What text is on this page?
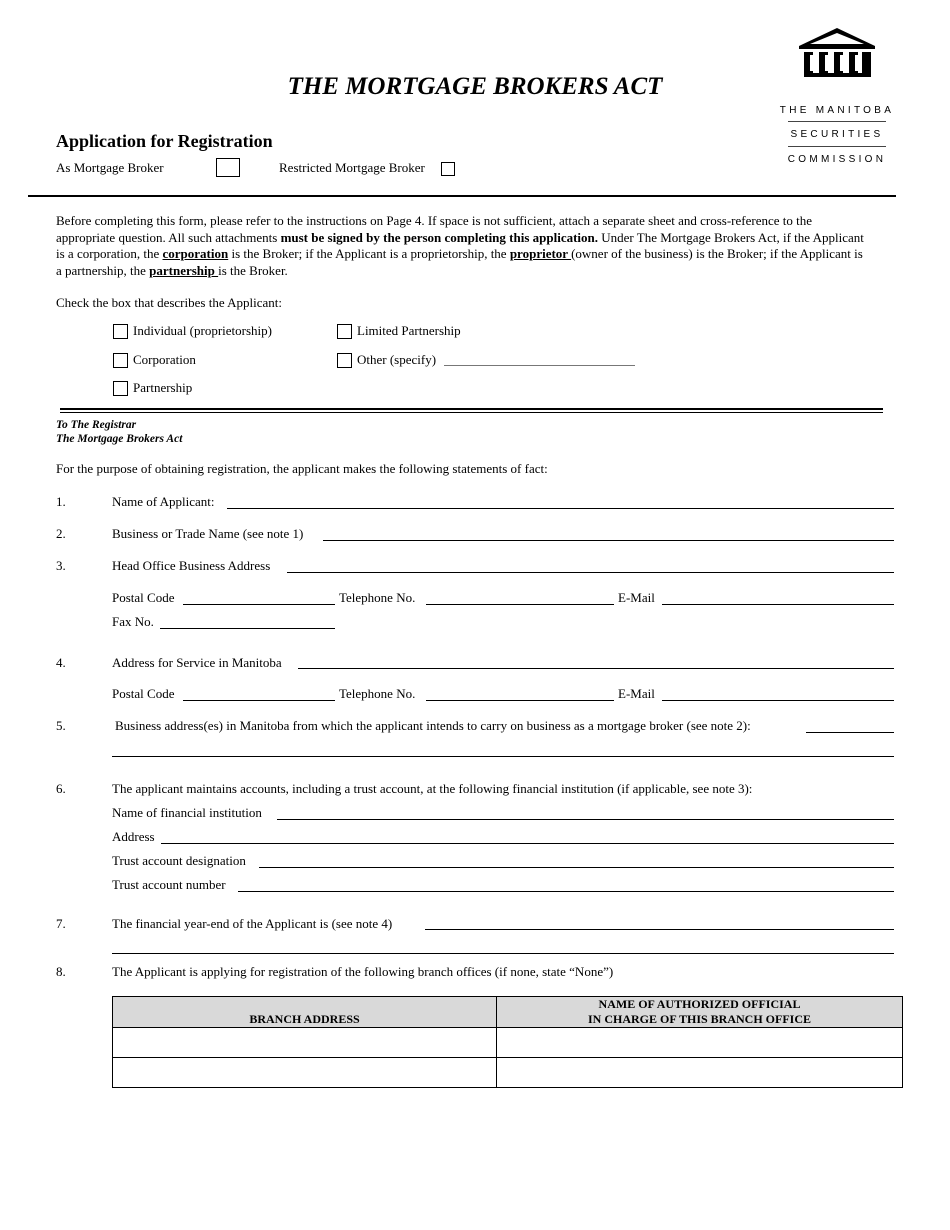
THE MANITOBA
SECURITIES
COMMISSION
THE MORTGAGE BROKERS ACT
Application for Registration
As Mortgage Broker	Restricted Mortgage Broker

Before completing this form, please refer to the instructions on Page 4. If space is not sufficient, attach a separate sheet and cross-reference to the appropriate question. All such attachments must be signed by the person completing this application. Under The Mortgage Brokers Act, if the Applicant is a corporation, the corporation is the Broker; if the Applicant is a proprietorship, the proprietor (owner of the business) is the Broker; if the Applicant is a partnership, the partnership is the Broker.

Check the box that describes the Applicant:
Individual (proprietorship)	Limited Partnership
Corporation	Other (specify)
Partnership
To The Registrar
The Mortgage Brokers Act
For the purpose of obtaining registration, the applicant makes the following statements of fact:
1.	Name of Applicant:
2.	Business or Trade Name (see note 1)
3.	Head Office Business Address
Postal Code	Telephone No.	E-Mail
Fax No.
4.	Address for Service in Manitoba
Postal Code	Telephone No.	E-Mail
5.	Business address(es) in Manitoba from which the applicant intends to carry on business as a mortgage broker (see note 2):
6.	The applicant maintains accounts, including a trust account, at the following financial institution (if applicable, see note 3):
Name of financial institution
Address
Trust account designation
Trust account number
7.	The financial year-end of the Applicant is (see note 4)
8.	The Applicant is applying for registration of the following branch offices (if none, state “None”)
BRANCH ADDRESS	NAME OF AUTHORIZED OFFICIAL
IN CHARGE OF THIS BRANCH OFFICE
